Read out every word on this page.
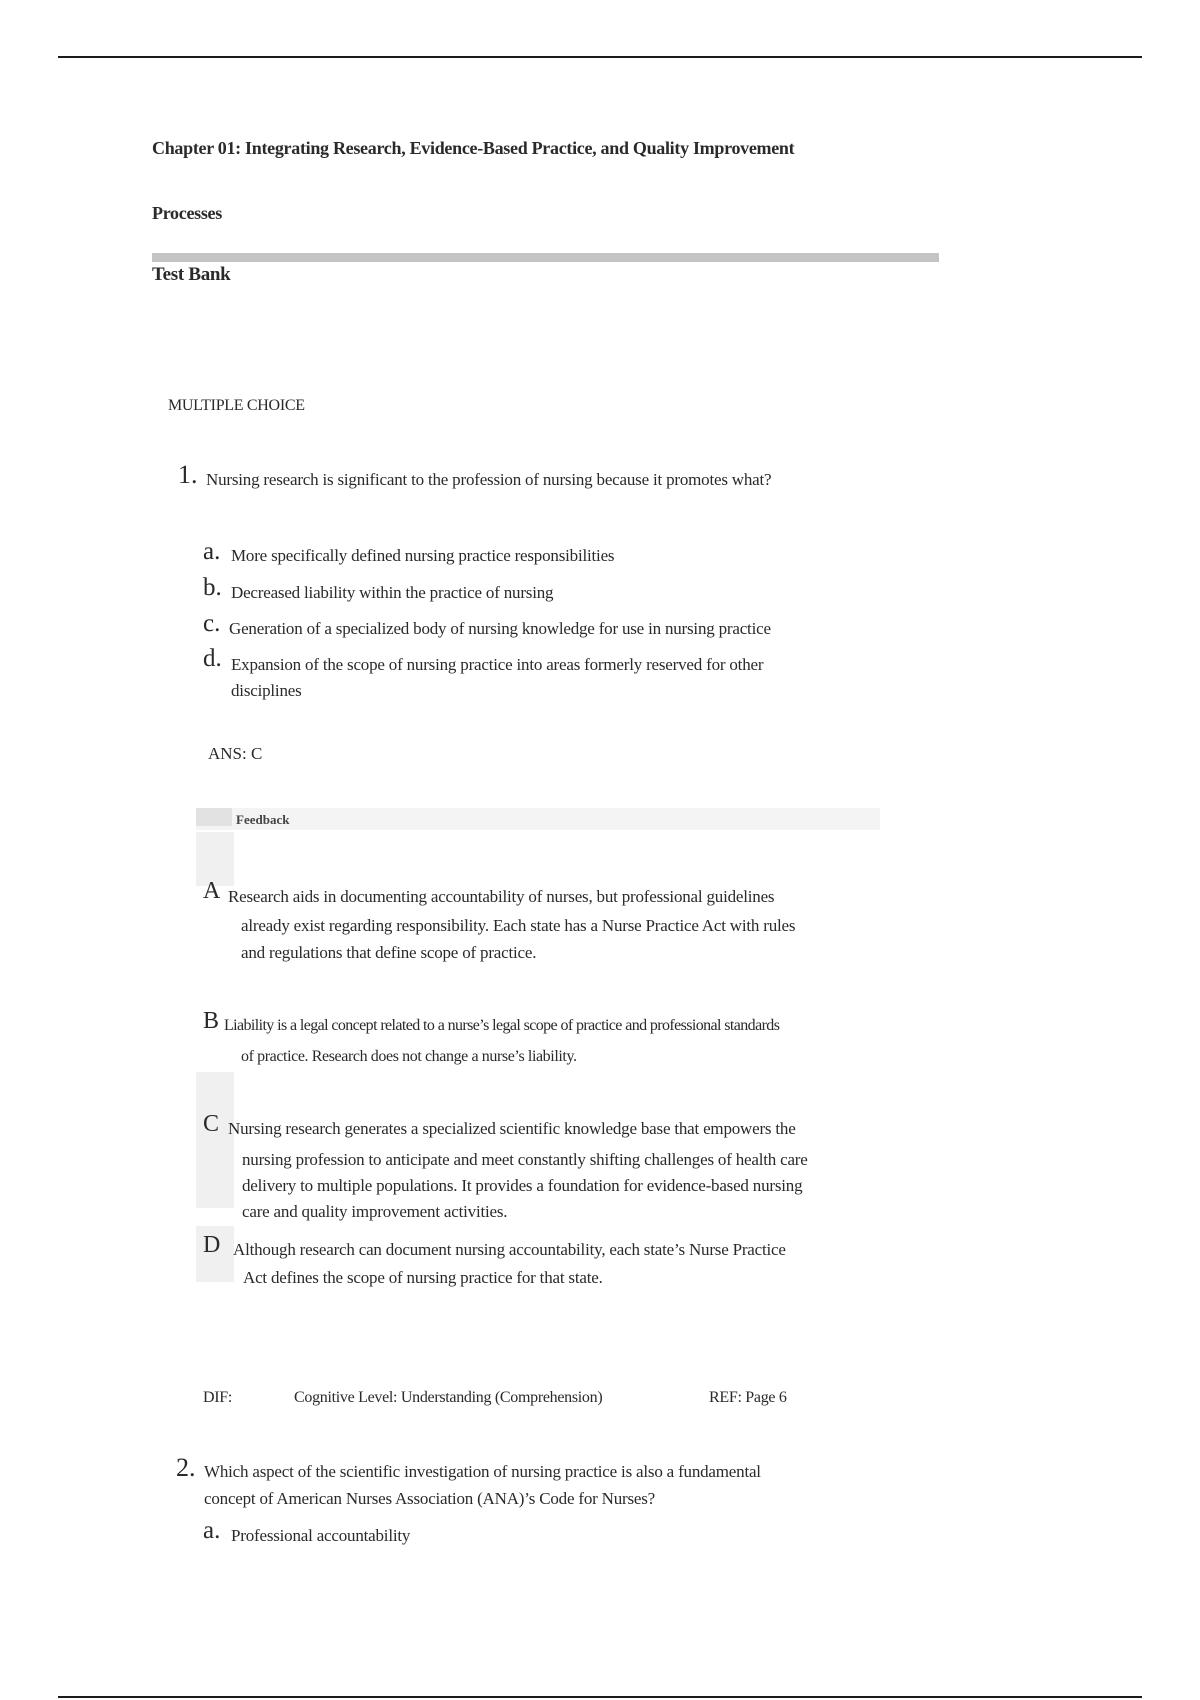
Chapter 01: Integrating Research, Evidence-Based Practice, and Quality Improvement
Processes
Test Bank
MULTIPLE CHOICE
1. Nursing research is significant to the profession of nursing because it promotes what?
a. More specifically defined nursing practice responsibilities
b. Decreased liability within the practice of nursing
c. Generation of a specialized body of nursing knowledge for use in nursing practice
d. Expansion of the scope of nursing practice into areas formerly reserved for other
disciplines
ANS: C
Feedback
A Research aids in documenting accountability of nurses, but professional guidelines
already exist regarding responsibility. Each state has a Nurse Practice Act with rules
and regulations that define scope of practice.
B Liability is a legal concept related to a nurse’s legal scope of practice and professional standards
of practice. Research does not change a nurse’s liability.
C Nursing research generates a specialized scientific knowledge base that empowers the
nursing profession to anticipate and meet constantly shifting challenges of health care
delivery to multiple populations. It provides a foundation for evidence-based nursing
care and quality improvement activities.
D Although research can document nursing accountability, each state’s Nurse Practice
Act defines the scope of nursing practice for that state.
DIF:	Cognitive Level: Understanding (Comprehension)	REF: Page 6
2. Which aspect of the scientific investigation of nursing practice is also a fundamental
concept of American Nurses Association (ANA)’s Code for Nurses?
a. Professional accountability
